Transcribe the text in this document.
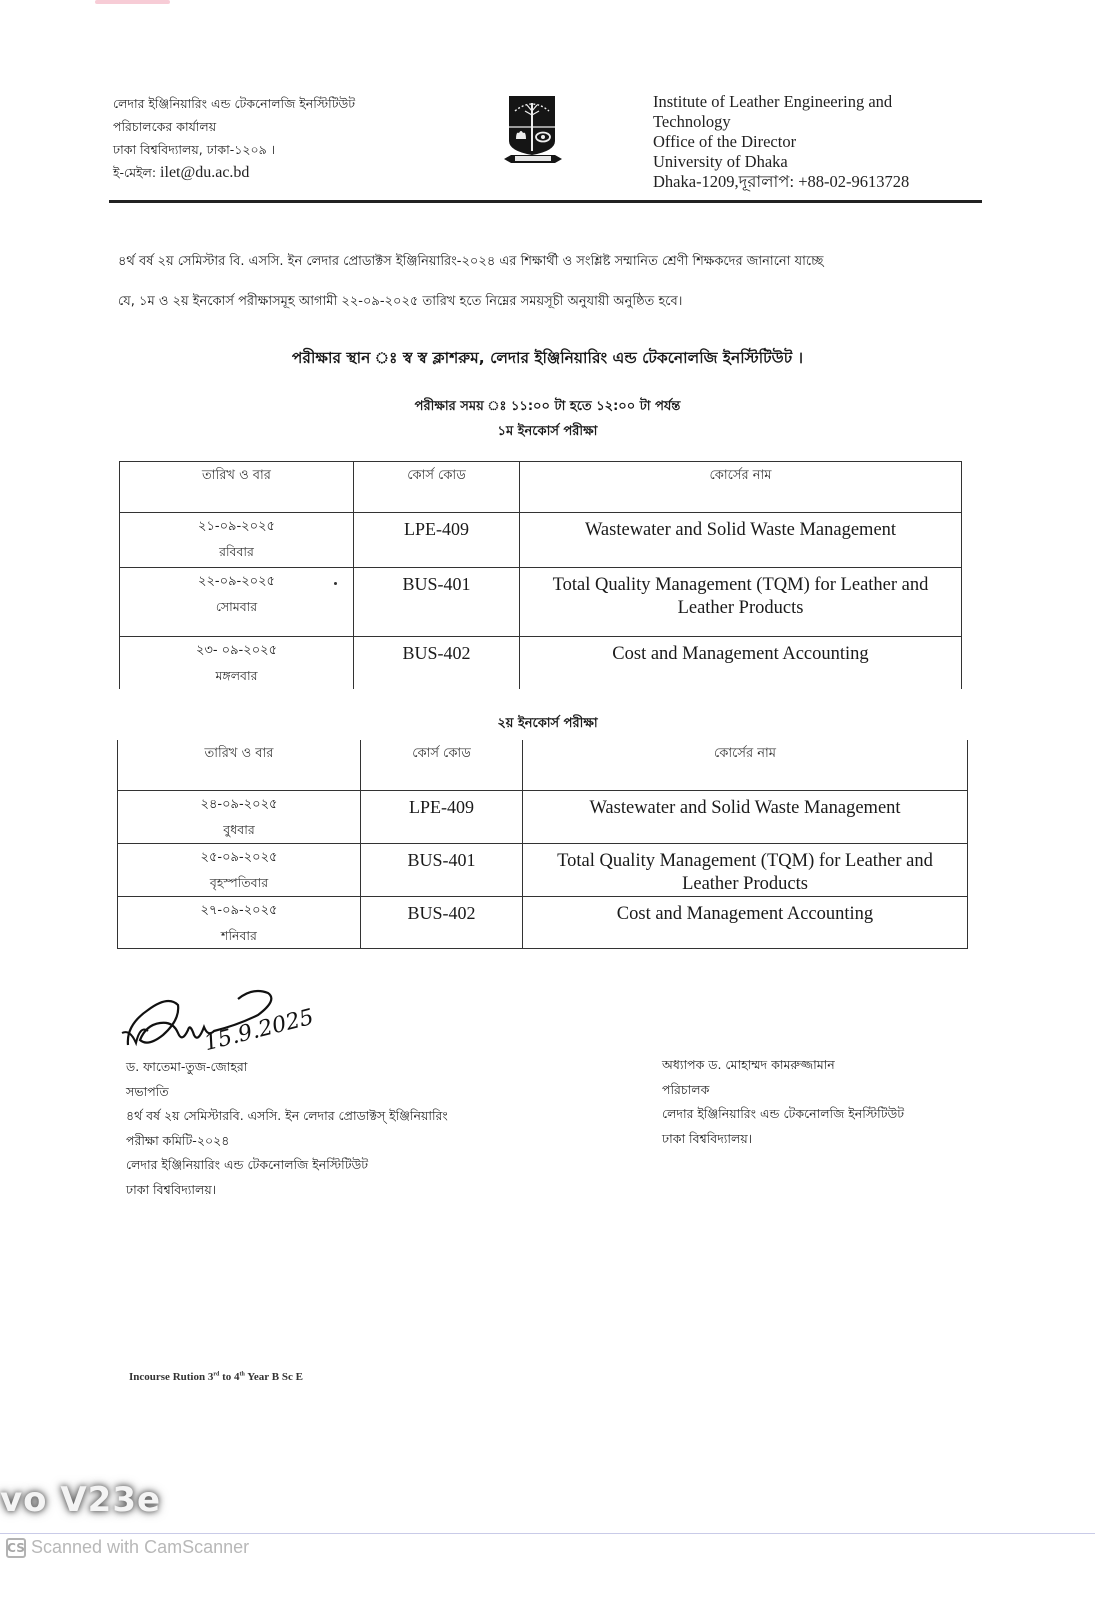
লেদার ইঞ্জিনিয়ারিং এন্ড টেকনোলজি ইনস্টিটিউট
পরিচালকের কার্যালয়
ঢাকা বিশ্ববিদ্যালয়, ঢাকা-১২০৯ ।
ই-মেইল: ilet@du.ac.bd
Institute of Leather Engineering and
Technology
Office of the Director
University of Dhaka
Dhaka-1209,দূরালাপ: +88-02-9613728

৪র্থ বর্ষ ২য় সেমিস্টার বি. এসসি. ইন লেদার প্রোডাক্টস ইঞ্জিনিয়ারিং-২০২৪ এর শিক্ষার্থী ও সংশ্লিষ্ট সম্মানিত শ্রেণী শিক্ষকদের জানানো যাচ্ছে

যে, ১ম ও ২য় ইনকোর্স পরীক্ষাসমূহ আগামী ২২-০৯-২০২৫ তারিখ হতে নিম্নের সময়সূচী অনুযায়ী অনুষ্ঠিত হবে।

পরীক্ষার স্থান ঃ স্ব স্ব ক্লাশরুম, লেদার ইঞ্জিনিয়ারিং এন্ড টেকনোলজি ইনস্টিটিউট ।
পরীক্ষার সময় ঃ ১১:০০ টা হতে ১২:০০ টা পর্যন্ত
১ম ইনকোর্স পরীক্ষা
তারিখ ও বার	কোর্স কোড	কোর্সের নাম

২১-০৯-২০২৫
রবিবার	LPE-409	Wastewater and Solid Waste Management

২২-০৯-২০২৫
সোমবার	BUS-401	Total Quality Management (TQM) for Leather and Leather Products

২৩- ০৯-২০২৫
মঙ্গলবার	BUS-402	Cost and Management Accounting
২য় ইনকোর্স পরীক্ষা
তারিখ ও বার	কোর্স কোড	কোর্সের নাম

২৪-০৯-২০২৫
বুধবার	LPE-409	Wastewater and Solid Waste Management

২৫-০৯-২০২৫
বৃহস্পতিবার	BUS-401	Total Quality Management (TQM) for Leather and Leather Products

২৭-০৯-২০২৫
শনিবার	BUS-402	Cost and Management Accounting
15.9.2025
ড. ফাতেমা-তুজ-জোহরা
সভাপতি
৪র্থ বর্ষ ২য় সেমিস্টারবি. এসসি. ইন লেদার প্রোডাক্টস্ ইঞ্জিনিয়ারিং
পরীক্ষা কমিটি-২০২৪
লেদার ইঞ্জিনিয়ারিং এন্ড টেকনোলজি ইনস্টিটিউট
ঢাকা বিশ্ববিদ্যালয়।
অধ্যাপক ড. মোহাম্মদ কামরুজ্জামান
পরিচালক
লেদার ইঞ্জিনিয়ারিং এন্ড টেকনোলজি ইনস্টিটিউট
ঢাকা বিশ্ববিদ্যালয়।
Incourse Rution 3rd to 4th Year B Sc E
vo V23e
CS Scanned with CamScanner
